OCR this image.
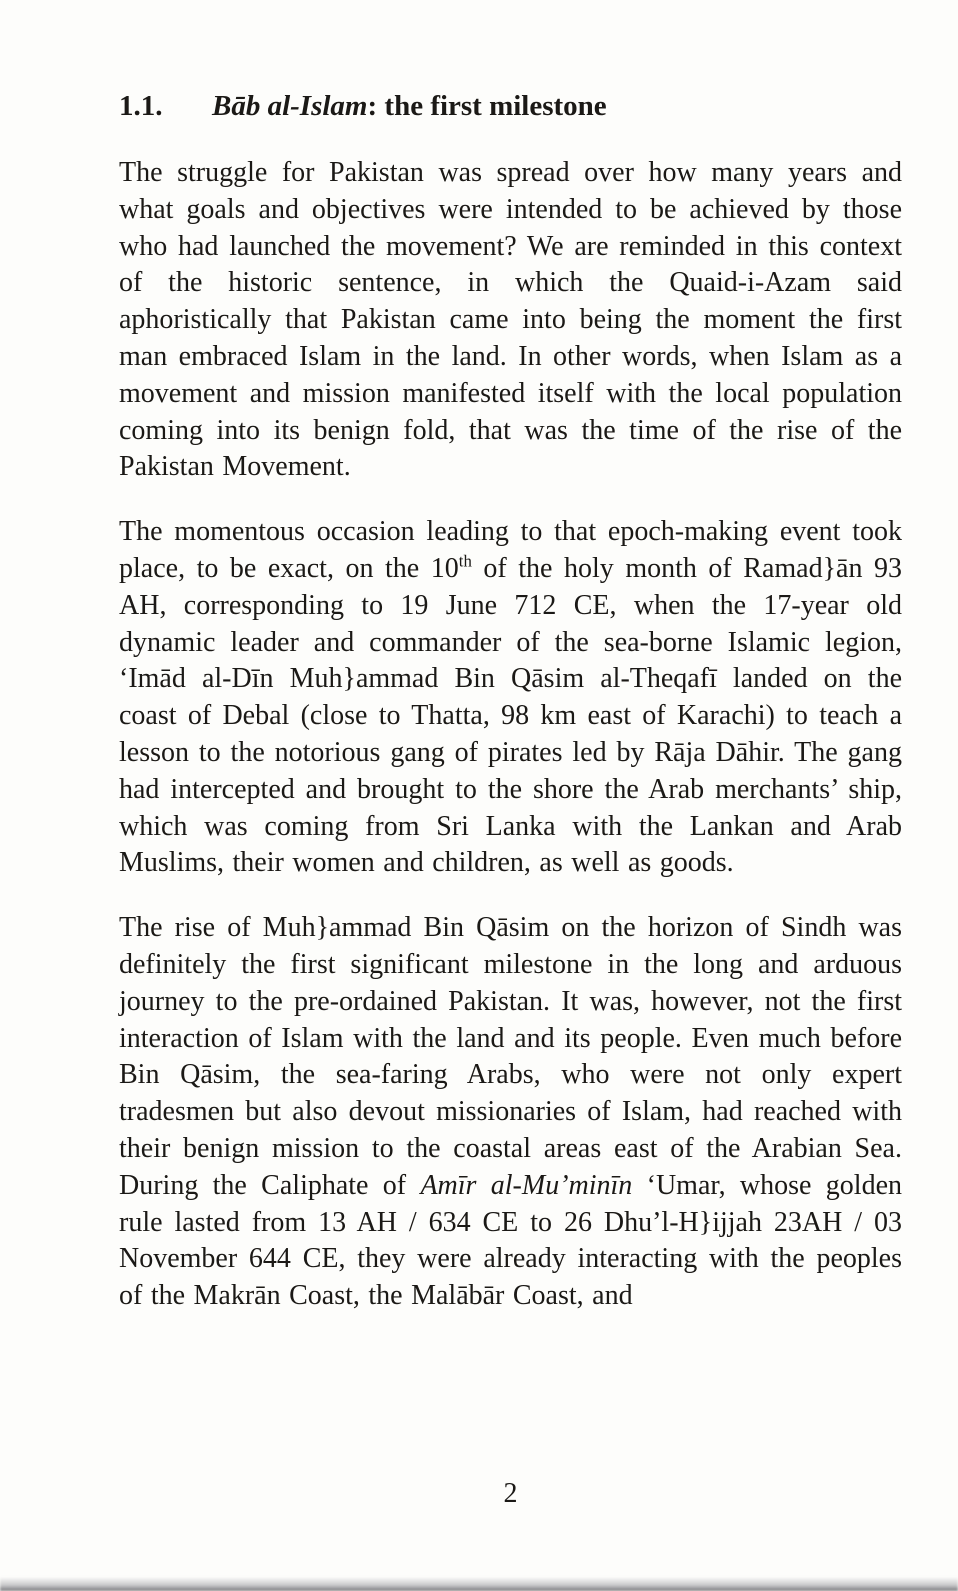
1.1. Bāb al-Islam: the first milestone

The struggle for Pakistan was spread over how many years and what goals and objectives were intended to be achieved by those who had launched the movement? We are reminded in this context of the historic sentence, in which the Quaid-i-Azam said aphoristically that Pakistan came into being the moment the first man embraced Islam in the land. In other words, when Islam as a movement and mission manifested itself with the local population coming into its benign fold, that was the time of the rise of the Pakistan Movement.

The momentous occasion leading to that epoch-making event took place, to be exact, on the 10th of the holy month of Ramad}ān 93 AH, corresponding to 19 June 712 CE, when the 17-year old dynamic leader and commander of the sea-borne Islamic legion, ‘Imād al-Dīn Muh}ammad Bin Qāsim al-Theqafī landed on the coast of Debal (close to Thatta, 98 km east of Karachi) to teach a lesson to the notorious gang of pirates led by Rāja Dāhir. The gang had intercepted and brought to the shore the Arab merchants’ ship, which was coming from Sri Lanka with the Lankan and Arab Muslims, their women and children, as well as goods.

The rise of Muh}ammad Bin Qāsim on the horizon of Sindh was definitely the first significant milestone in the long and arduous journey to the pre-ordained Pakistan. It was, however, not the first interaction of Islam with the land and its people. Even much before Bin Qāsim, the sea-faring Arabs, who were not only expert tradesmen but also devout missionaries of Islam, had reached with their benign mission to the coastal areas east of the Arabian Sea. During the Caliphate of Amīr al-Mu’minīn ‘Umar, whose golden rule lasted from 13 AH / 634 CE to 26 Dhu’l-H}ijjah 23AH / 03 November 644 CE, they were already interacting with the peoples of the Makrān Coast, the Malābār Coast, and

2
